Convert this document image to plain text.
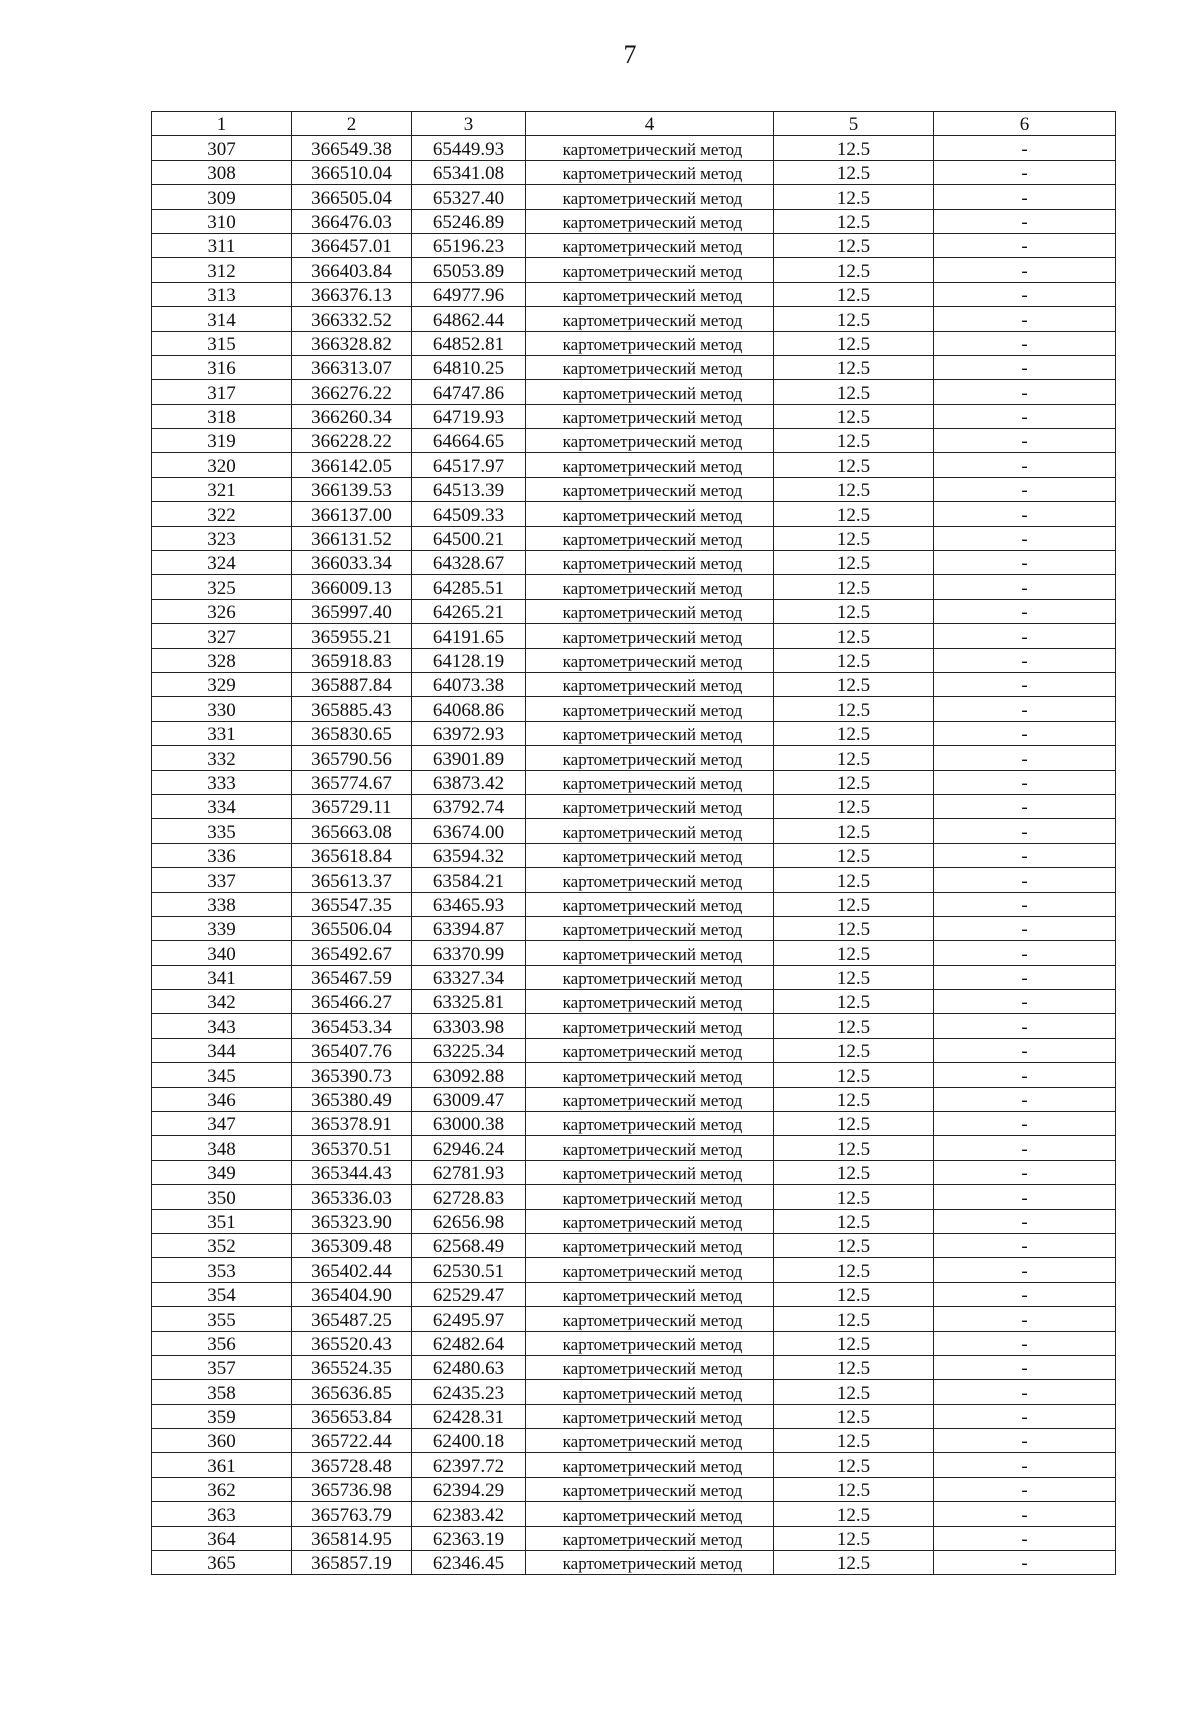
7
1	2	3	4	5	6
307	366549.38	65449.93	картометрический метод	12.5	-
308	366510.04	65341.08	картометрический метод	12.5	-
309	366505.04	65327.40	картометрический метод	12.5	-
310	366476.03	65246.89	картометрический метод	12.5	-
311	366457.01	65196.23	картометрический метод	12.5	-
312	366403.84	65053.89	картометрический метод	12.5	-
313	366376.13	64977.96	картометрический метод	12.5	-
314	366332.52	64862.44	картометрический метод	12.5	-
315	366328.82	64852.81	картометрический метод	12.5	-
316	366313.07	64810.25	картометрический метод	12.5	-
317	366276.22	64747.86	картометрический метод	12.5	-
318	366260.34	64719.93	картометрический метод	12.5	-
319	366228.22	64664.65	картометрический метод	12.5	-
320	366142.05	64517.97	картометрический метод	12.5	-
321	366139.53	64513.39	картометрический метод	12.5	-
322	366137.00	64509.33	картометрический метод	12.5	-
323	366131.52	64500.21	картометрический метод	12.5	-
324	366033.34	64328.67	картометрический метод	12.5	-
325	366009.13	64285.51	картометрический метод	12.5	-
326	365997.40	64265.21	картометрический метод	12.5	-
327	365955.21	64191.65	картометрический метод	12.5	-
328	365918.83	64128.19	картометрический метод	12.5	-
329	365887.84	64073.38	картометрический метод	12.5	-
330	365885.43	64068.86	картометрический метод	12.5	-
331	365830.65	63972.93	картометрический метод	12.5	-
332	365790.56	63901.89	картометрический метод	12.5	-
333	365774.67	63873.42	картометрический метод	12.5	-
334	365729.11	63792.74	картометрический метод	12.5	-
335	365663.08	63674.00	картометрический метод	12.5	-
336	365618.84	63594.32	картометрический метод	12.5	-
337	365613.37	63584.21	картометрический метод	12.5	-
338	365547.35	63465.93	картометрический метод	12.5	-
339	365506.04	63394.87	картометрический метод	12.5	-
340	365492.67	63370.99	картометрический метод	12.5	-
341	365467.59	63327.34	картометрический метод	12.5	-
342	365466.27	63325.81	картометрический метод	12.5	-
343	365453.34	63303.98	картометрический метод	12.5	-
344	365407.76	63225.34	картометрический метод	12.5	-
345	365390.73	63092.88	картометрический метод	12.5	-
346	365380.49	63009.47	картометрический метод	12.5	-
347	365378.91	63000.38	картометрический метод	12.5	-
348	365370.51	62946.24	картометрический метод	12.5	-
349	365344.43	62781.93	картометрический метод	12.5	-
350	365336.03	62728.83	картометрический метод	12.5	-
351	365323.90	62656.98	картометрический метод	12.5	-
352	365309.48	62568.49	картометрический метод	12.5	-
353	365402.44	62530.51	картометрический метод	12.5	-
354	365404.90	62529.47	картометрический метод	12.5	-
355	365487.25	62495.97	картометрический метод	12.5	-
356	365520.43	62482.64	картометрический метод	12.5	-
357	365524.35	62480.63	картометрический метод	12.5	-
358	365636.85	62435.23	картометрический метод	12.5	-
359	365653.84	62428.31	картометрический метод	12.5	-
360	365722.44	62400.18	картометрический метод	12.5	-
361	365728.48	62397.72	картометрический метод	12.5	-
362	365736.98	62394.29	картометрический метод	12.5	-
363	365763.79	62383.42	картометрический метод	12.5	-
364	365814.95	62363.19	картометрический метод	12.5	-
365	365857.19	62346.45	картометрический метод	12.5	-
